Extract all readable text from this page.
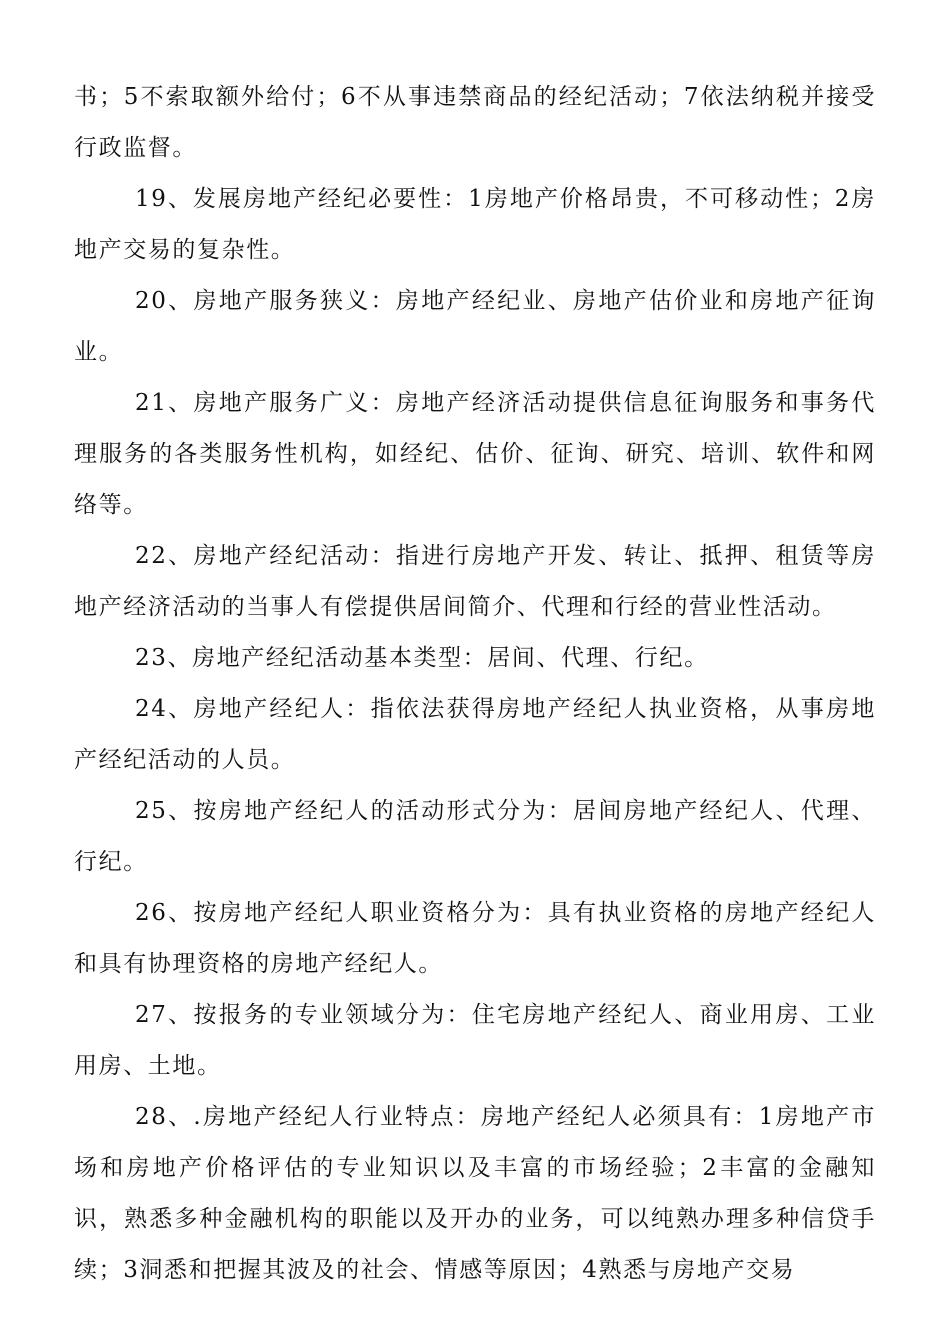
书；5不索取额外给付；6不从事违禁商品的经纪活动；7依法纳税并接受行政监督。

19、发展房地产经纪必要性：1房地产价格昂贵，不可移动性；2房地产交易的复杂性。

20、房地产服务狭义：房地产经纪业、房地产估价业和房地产征询业。

21、房地产服务广义：房地产经济活动提供信息征询服务和事务代理服务的各类服务性机构，如经纪、估价、征询、研究、培训、软件和网络等。

22、房地产经纪活动：指进行房地产开发、转让、抵押、租赁等房地产经济活动的当事人有偿提供居间简介、代理和行经的营业性活动。

23、房地产经纪活动基本类型：居间、代理、行纪。

24、房地产经纪人：指依法获得房地产经纪人执业资格，从事房地产经纪活动的人员。

25、按房地产经纪人的活动形式分为：居间房地产经纪人、代理、行纪。

26、按房地产经纪人职业资格分为：具有执业资格的房地产经纪人和具有协理资格的房地产经纪人。

27、按报务的专业领域分为：住宅房地产经纪人、商业用房、工业用房、土地。

28、.房地产经纪人行业特点：房地产经纪人必须具有：1房地产市场和房地产价格评估的专业知识以及丰富的市场经验；2丰富的金融知识，熟悉多种金融机构的职能以及开办的业务，可以纯熟办理多种信贷手续；3洞悉和把握其波及的社会、情感等原因；4熟悉与房地产交易
